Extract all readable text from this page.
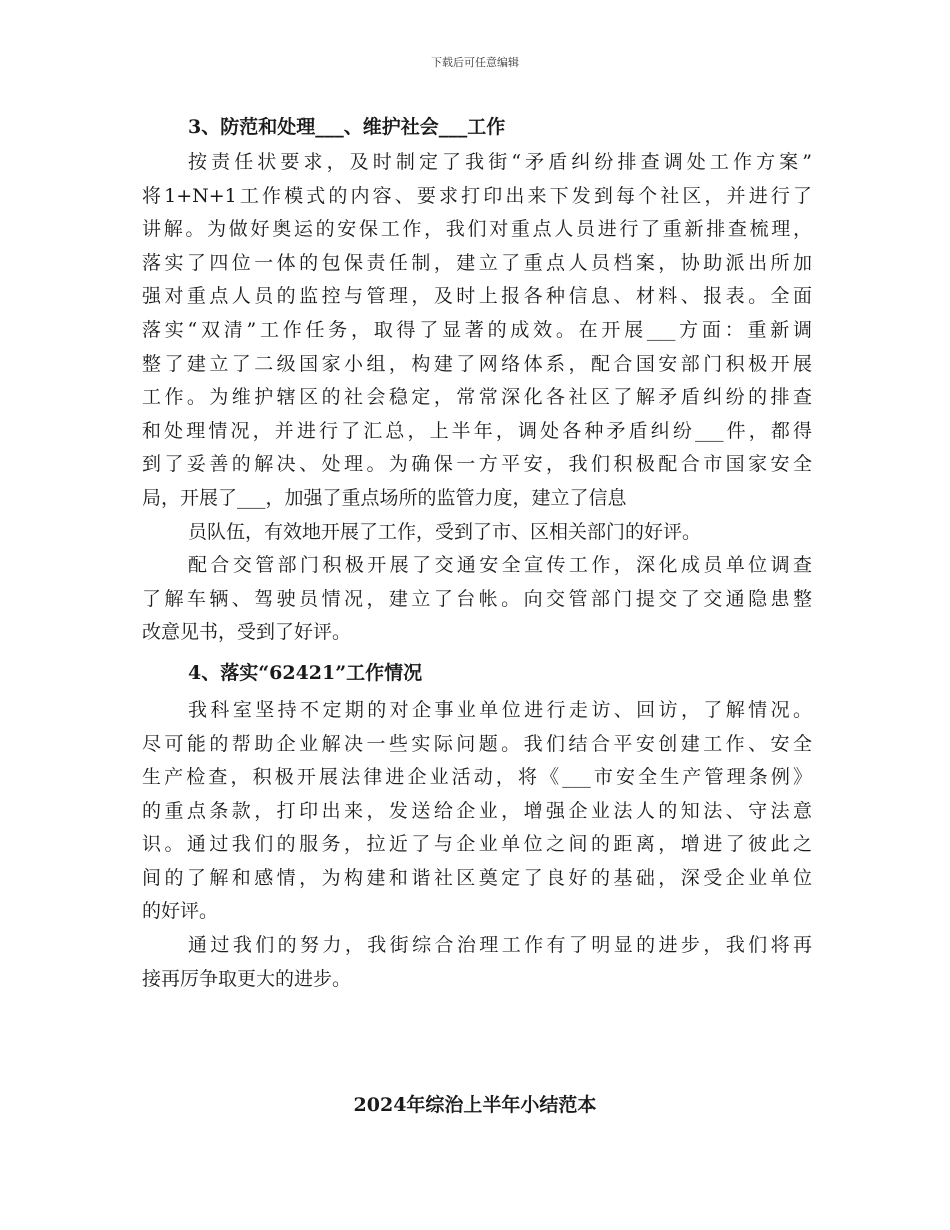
下载后可任意编辑
3、防范和处理___、维护社会___工作
按责任状要求，及时制定了我街“矛盾纠纷排查调处工作方案”
将1+N+1工作模式的内容、要求打印出来下发到每个社区，并进行了
讲解。为做好奥运的安保工作，我们对重点人员进行了重新排查梳理，
落实了四位一体的包保责任制，建立了重点人员档案，协助派出所加
强对重点人员的监控与管理，及时上报各种信息、材料、报表。全面
落实“双清”工作任务，取得了显著的成效。在开展___方面：重新调
整了建立了二级国家小组，构建了网络体系，配合国安部门积极开展
工作。为维护辖区的社会稳定，常常深化各社区了解矛盾纠纷的排查
和处理情况，并进行了汇总，上半年，调处各种矛盾纠纷___件，都得
到了妥善的解决、处理。为确保一方平安，我们积极配合市国家安全
局，开展了___，加强了重点场所的监管力度，建立了信息
员队伍，有效地开展了工作，受到了市、区相关部门的好评。
配合交管部门积极开展了交通安全宣传工作，深化成员单位调查
了解车辆、驾驶员情况，建立了台帐。向交管部门提交了交通隐患整
改意见书，受到了好评。
4、落实“62421”工作情况
我科室坚持不定期的对企事业单位进行走访、回访，了解情况。
尽可能的帮助企业解决一些实际问题。我们结合平安创建工作、安全
生产检查，积极开展法律进企业活动，将《___市安全生产管理条例》
的重点条款，打印出来，发送给企业，增强企业法人的知法、守法意
识。通过我们的服务，拉近了与企业单位之间的距离，增进了彼此之
间的了解和感情，为构建和谐社区奠定了良好的基础，深受企业单位
的好评。
通过我们的努力，我街综合治理工作有了明显的进步，我们将再
接再厉争取更大的进步。
2024年综治上半年小结范本
